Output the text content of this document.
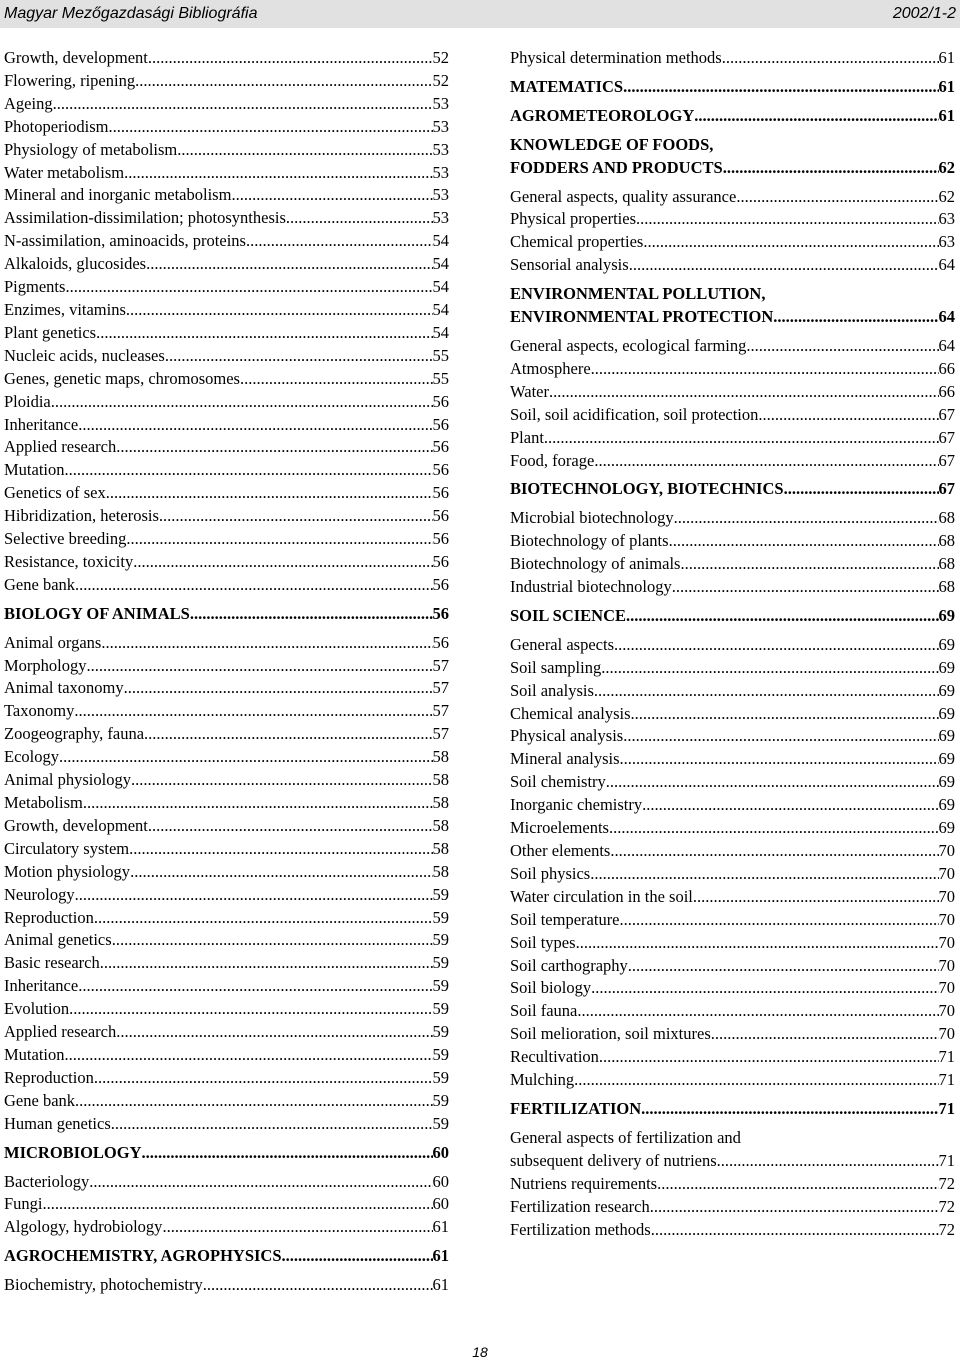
Magyar Mezőgazdasági Bibliográfia	2002/1-2
Growth, development .....	52
Flowering, ripening .....	52
Ageing .....	53
Photoperiodism .....	53
Physiology of metabolism .....	53
Water metabolism .....	53
Mineral and inorganic metabolism .....	53
Assimilation-dissimilation; photosynthesis .....	53
N-assimilation, aminoacids, proteins .....	54
Alkaloids, glucosides .....	54
Pigments .....	54
Enzimes, vitamins .....	54
Plant genetics .....	54
Nucleic acids, nucleases .....	55
Genes, genetic maps, chromosomes .....	55
Ploidia .....	56
Inheritance .....	56
Applied research .....	56
Mutation .....	56
Genetics of sex .....	56
Hibridization, heterosis .....	56
Selective breeding .....	56
Resistance, toxicity .....	56
Gene bank .....	56
BIOLOGY OF ANIMALS .....	56
Animal organs .....	56
Morphology .....	57
Animal taxonomy .....	57
Taxonomy .....	57
Zoogeography, fauna .....	57
Ecology .....	58
Animal physiology .....	58
Metabolism .....	58
Growth, development .....	58
Circulatory system .....	58
Motion physiology .....	58
Neurology .....	59
Reproduction .....	59
Animal genetics .....	59
Basic research .....	59
Inheritance .....	59
Evolution .....	59
Applied research .....	59
Mutation .....	59
Reproduction .....	59
Gene bank .....	59
Human genetics .....	59
MICROBIOLOGY .....	60
Bacteriology .....	60
Fungi .....	60
Algology, hydrobiology .....	61
AGROCHEMISTRY, AGROPHYSICS .....	61
Biochemistry, photochemistry .....	61
Physical determination methods .....	61
MATEMATICS .....	61
AGROMETEOROLOGY .....	61
KNOWLEDGE OF FOODS,
FODDERS AND PRODUCTS .....	62
General aspects, quality assurance .....	62
Physical properties .....	63
Chemical properties .....	63
Sensorial analysis .....	64
ENVIRONMENTAL POLLUTION,
ENVIRONMENTAL PROTECTION .....	64
General aspects, ecological farming .....	64
Atmosphere .....	66
Water .....	66
Soil, soil acidification, soil protection .....	67
Plant .....	67
Food, forage .....	67
BIOTECHNOLOGY, BIOTECHNICS .....	67
Microbial biotechnology .....	68
Biotechnology of plants .....	68
Biotechnology of animals .....	68
Industrial biotechnology .....	68
SOIL SCIENCE .....	69
General aspects .....	69
Soil sampling .....	69
Soil analysis .....	69
Chemical analysis .....	69
Physical analysis .....	69
Mineral analysis .....	69
Soil chemistry .....	69
Inorganic chemistry .....	69
Microelements .....	69
Other elements .....	70
Soil physics .....	70
Water circulation in the soil .....	70
Soil temperature .....	70
Soil types .....	70
Soil carthography .....	70
Soil biology .....	70
Soil fauna .....	70
Soil melioration, soil mixtures .....	70
Recultivation .....	71
Mulching .....	71
FERTILIZATION .....	71
General aspects of fertilization and
subsequent delivery of nutriens .....	71
Nutriens requirements .....	72
Fertilization research .....	72
Fertilization methods .....	72
18
